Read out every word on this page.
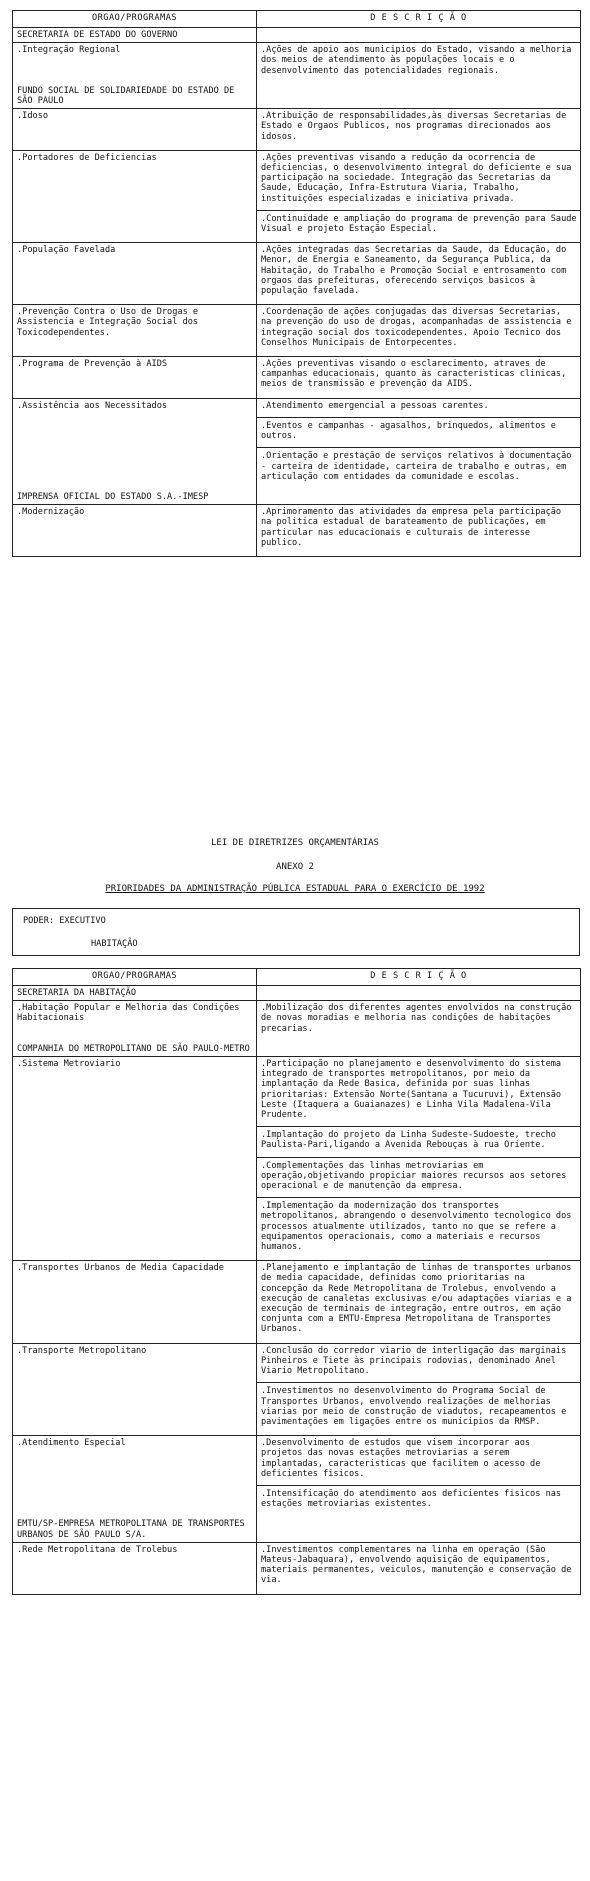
ORGAO/PROGRAMAS	D E S C R I Ç Ã O
SECRETARIA DE ESTADO DO GOVERNO	
.Integração Regional	.Ações de apoio aos municipios do Estado, visando a melhoria dos meios de atendimento às populações locais e o desenvolvimento das potencialidades regionais.

FUNDO SOCIAL DE SOLIDARIEDADE DO ESTADO DE SÃO PAULO	
.Idoso	.Atribuição de responsabilidades,às diversas Secretarias de Estado e Orgaos Publicos, nos programas direcionados aos idosos.

.Portadores de Deficiencias	.Ações preventivas visando a redução da ocorrencia de deficiencias, o desenvolvimento integral do deficiente e sua participação na sociedade. Integração das Secretarias da Saude, Educação, Infra-Estrutura Viaria, Trabalho, instituições especializadas e iniciativa privada.
.Continuidade e ampliação do programa de prevenção para Saude Visual e projeto Estação Especial.

.População Favelada	.Ações integradas das Secretarias da Saude, da Educação, do Menor, de Energia e Saneamento, da Segurança Publica, da Habitação, do Trabalho e Promoção Social e entrosamento com orgaos das prefeituras, oferecendo serviços basicos à população favelada.

.Prevenção Contra o Uso de Drogas e Assistencia e Integração Social dos Toxicodependentes.	.Coordenação de ações conjugadas das diversas Secretarias, na prevenção do uso de drogas, acompanhadas de assistencia e integração social dos toxicodependentes. Apoio Tecnico dos Conselhos Municipais de Entorpecentes.

.Programa de Prevenção à AIDS	.Ações preventivas visando o esclarecimento, atraves de campanhas educacionais, quanto às caracteristicas clinicas, meios de transmissão e prevenção da AIDS.

.Assistência aos Necessitados	.Atendimento emergencial a pessoas carentes.
.Eventos e campanhas - agasalhos, brinquedos, alimentos e outros.
.Orientação e prestação de serviços relativos à documentação - carteira de identidade, carteira de trabalho e outras, em articulação com entidades da comunidade e escolas.

IMPRENSA OFICIAL DO ESTADO S.A.-IMESP	
.Modernização	.Aprimoramento das atividades da empresa pela participação na politica estadual de barateamento de publicações, em particular nas educacionais e culturais de interesse publico.
LEI DE DIRETRIZES ORÇAMENTÁRIAS
ANEXO 2
PRIORIDADES DA ADMINISTRAÇÃO PÚBLICA ESTADUAL PARA O EXERCÍCIO DE 1992
PODER: EXECUTIVO
HABITAÇÃO
ORGAO/PROGRAMAS	D E S C R I Ç Ã O
SECRETARIA DA HABITAÇÃO	
.Habitação Popular e Melhoria das Condições Habitacionais	.Mobilização dos diferentes agentes envolvidos na construção de novas moradias e melhoria nas condições de habitações precarias.

COMPANHIA DO METROPOLITANO DE SÃO PAULO-METRO	
.Sistema Metroviario	.Participação no planejamento e desenvolvimento do sistema integrado de transportes metropolitanos, por meio da implantação da Rede Basica, definida por suas linhas prioritarias: Extensão Norte(Santana a Tucuruvi), Extensão Leste (Itaquera a Guaianazes) e Linha Vila Madalena-Vila Prudente.
.Implantação do projeto da Linha Sudeste-Sudoeste, trecho Paulista-Pari,ligando a Avenida Rebouças à rua Oriente.
.Complementações das linhas metroviarias em operação,objetivando propiciar maiores recursos aos setores operacional e de manutenção da empresa.
.Implementação da modernização dos transportes metropolitanos, abrangendo o desenvolvimento tecnologico dos processos atualmente utilizados, tanto no que se refere a equipamentos operacionais, como a materiais e recursos humanos.

.Transportes Urbanos de Media Capacidade	.Planejamento e implantação de linhas de transportes urbanos de media capacidade, definidas como prioritarias na concepção da Rede Metropolitana de Trolebus, envolvendo a execução de canaletas exclusivas e/ou adaptações viarias e a execução de terminais de integração, entre outros, em ação conjunta com a EMTU-Empresa Metropolitana de Transportes Urbanos.

.Transporte Metropolitano	.Conclusão do corredor viario de interligação das marginais Pinheiros e Tiete às principais rodovias, denominado Anel Viario Metropolitano.
.Investimentos no desenvolvimento do Programa Social de Transportes Urbanos, envolvendo realizações de melhorias viarias por meio de construção de viadutos, recapeamentos e pavimentações em ligações entre os municipios da RMSP.

.Atendimento Especial	.Desenvolvimento de estudos que visem incorporar aos projetos das novas estações metroviarias a serem implantadas, caracteristicas que facilitem o acesso de deficientes fisicos.
.Intensificação do atendimento aos deficientes fisicos nas estações metroviarias existentes.

EMTU/SP-EMPRESA METROPOLITANA DE TRANSPORTES URBANOS DE SÃO PAULO S/A.	
.Rede Metropolitana de Trolebus	.Investimentos complementares na linha em operação (São Mateus-Jabaquara), envolvendo aquisição de equipamentos, materiais permanentes, veiculos, manutenção e conservação de via.
